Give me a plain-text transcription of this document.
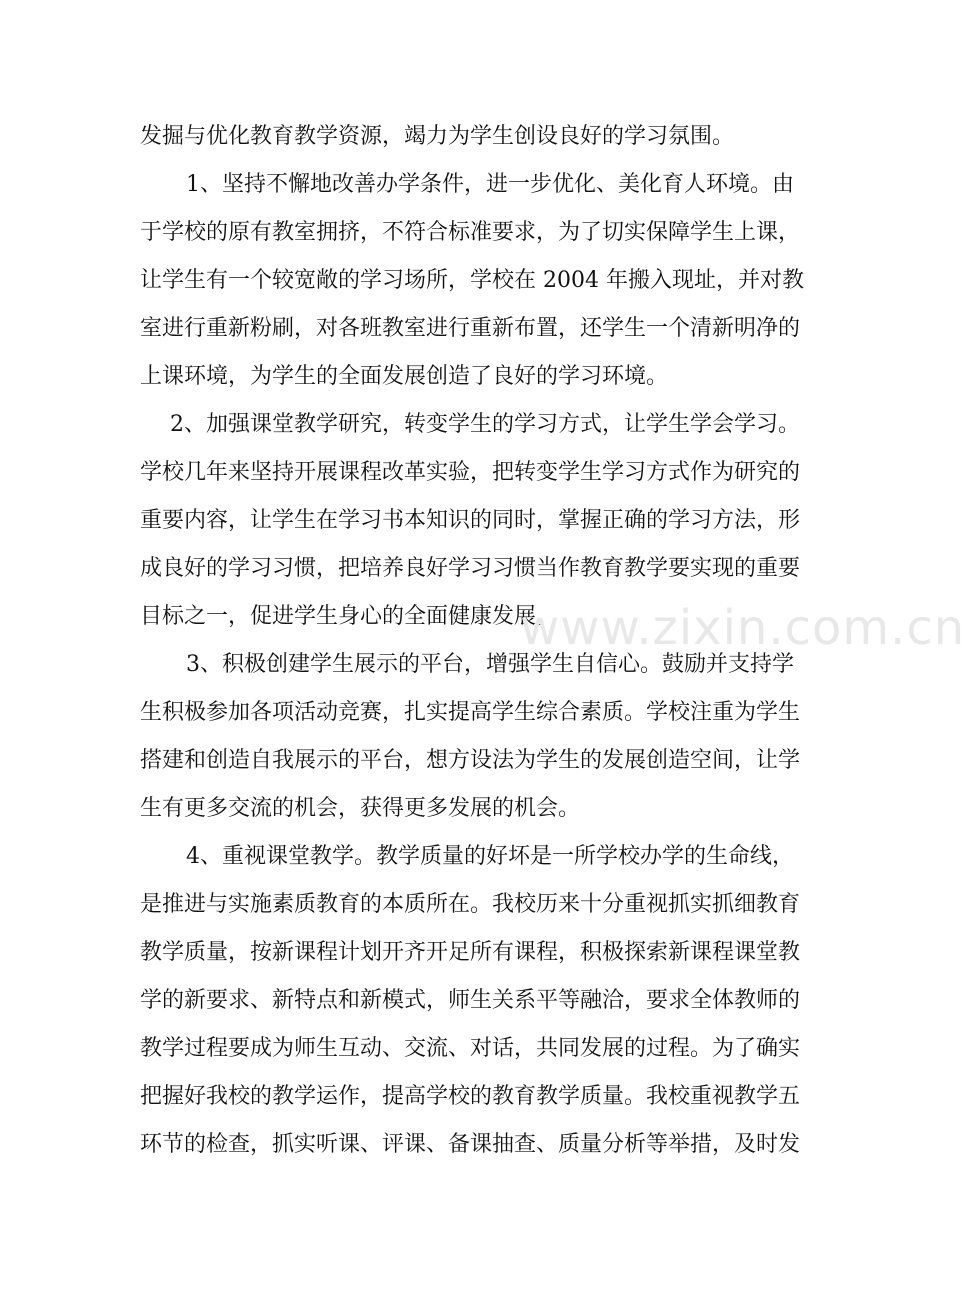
发掘与优化教育教学资源，竭力为学生创设良好的学习氛围。
1、坚持不懈地改善办学条件，进一步优化、美化育人环境。由
于学校的原有教室拥挤，不符合标准要求，为了切实保障学生上课，
让学生有一个较宽敞的学习场所，学校在 2004 年搬入现址，并对教
室进行重新粉刷，对各班教室进行重新布置，还学生一个清新明净的
上课环境，为学生的全面发展创造了良好的学习环境。
2、加强课堂教学研究，转变学生的学习方式，让学生学会学习。
学校几年来坚持开展课程改革实验，把转变学生学习方式作为研究的
重要内容，让学生在学习书本知识的同时，掌握正确的学习方法，形
成良好的学习习惯，把培养良好学习习惯当作教育教学要实现的重要
目标之一，促进学生身心的全面健康发展。
3、积极创建学生展示的平台，增强学生自信心。鼓励并支持学
生积极参加各项活动竞赛，扎实提高学生综合素质。学校注重为学生
搭建和创造自我展示的平台，想方设法为学生的发展创造空间，让学
生有更多交流的机会，获得更多发展的机会。
4、重视课堂教学。教学质量的好坏是一所学校办学的生命线，
是推进与实施素质教育的本质所在。我校历来十分重视抓实抓细教育
教学质量，按新课程计划开齐开足所有课程，积极探索新课程课堂教
学的新要求、新特点和新模式，师生关系平等融洽，要求全体教师的
教学过程要成为师生互动、交流、对话，共同发展的过程。为了确实
把握好我校的教学运作，提高学校的教育教学质量。我校重视教学五
环节的检查，抓实听课、评课、备课抽查、质量分析等举措，及时发
www.zixin.com.cn
